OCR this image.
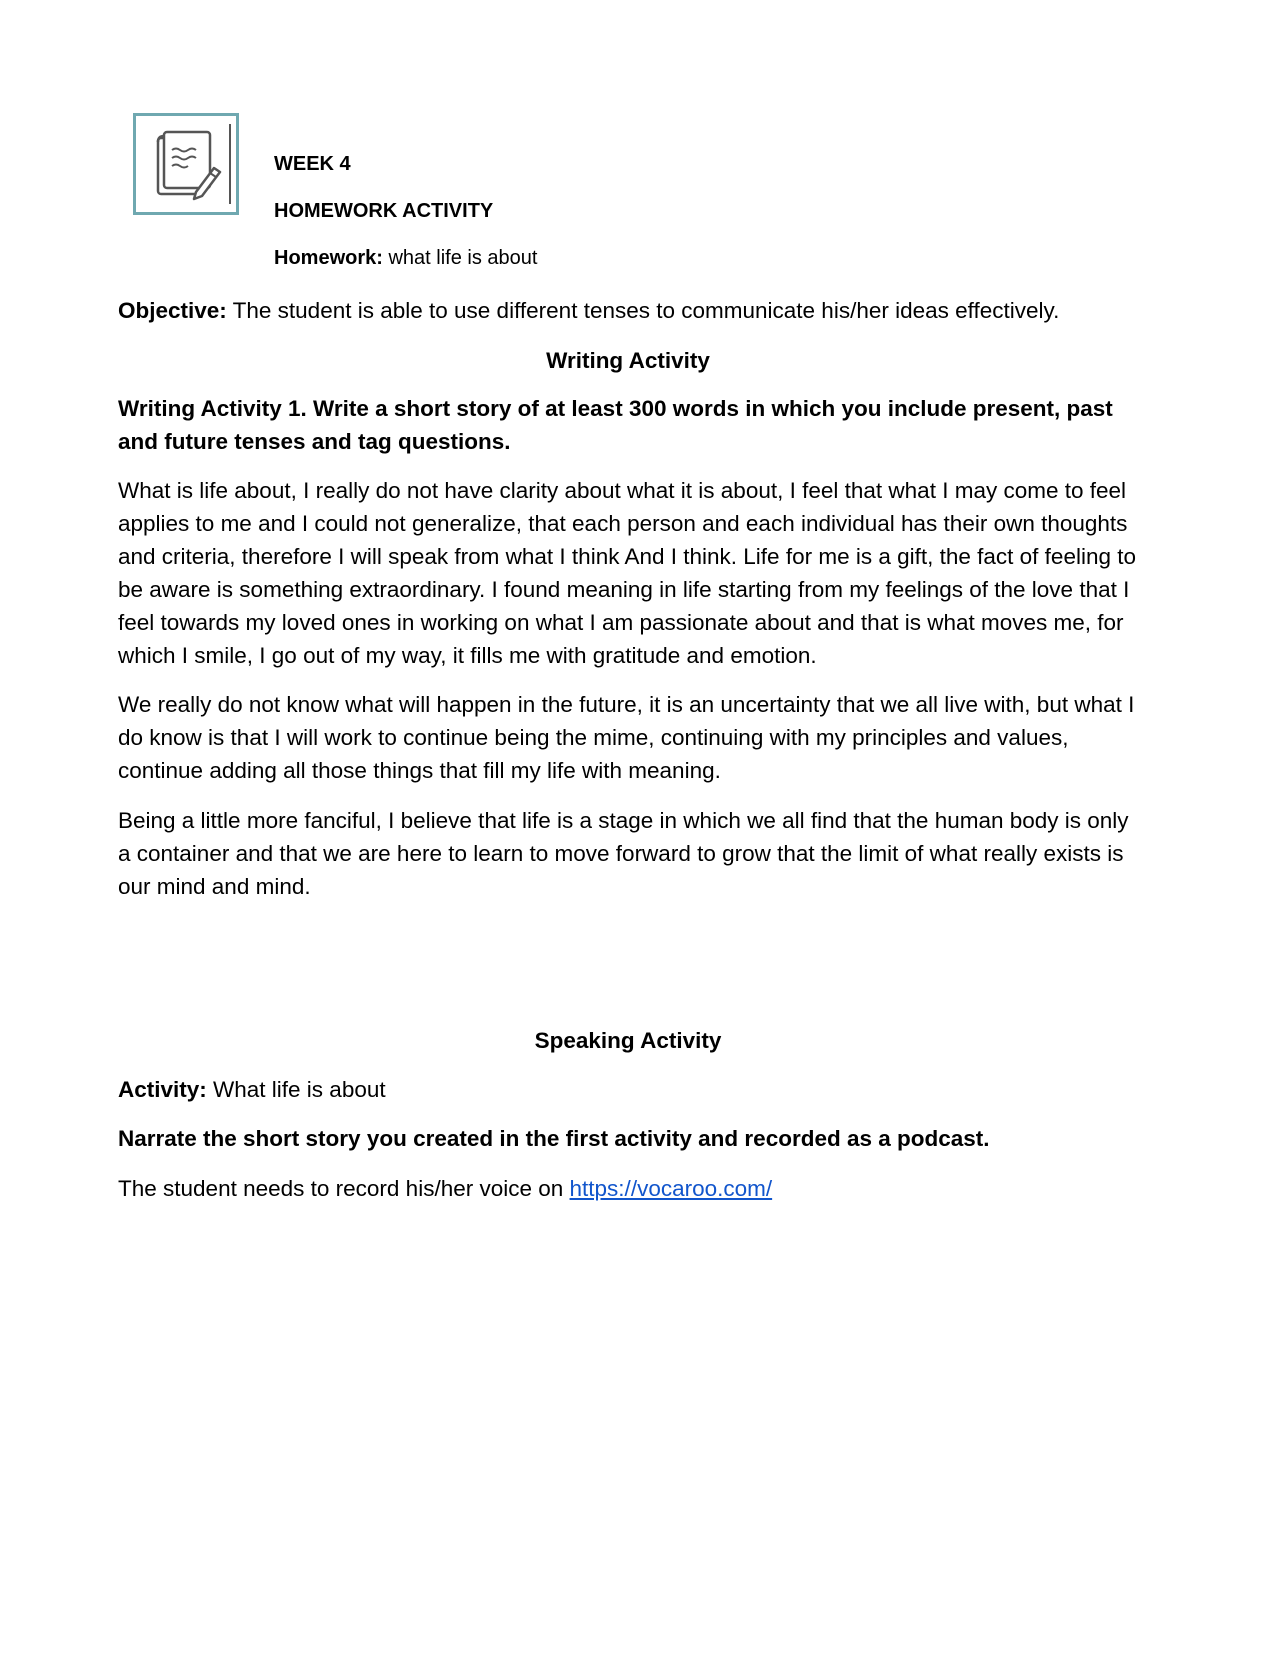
WEEK 4
HOMEWORK ACTIVITY
Homework: what life is about

Objective: The student is able to use different tenses to communicate his/her ideas effectively.

Writing Activity
Writing Activity 1. Write a short story of at least 300 words in which you include present, past and future tenses and tag questions.
What is life about, I really do not have clarity about what it is about, I feel that what I may come to feel applies to me and I could not generalize, that each person and each individual has their own thoughts and criteria, therefore I will speak from what I think And I think. Life for me is a gift, the fact of feeling to be aware is something extraordinary. I found meaning in life starting from my feelings of the love that I feel towards my loved ones in working on what I am passionate about and that is what moves me, for which I smile, I go out of my way, it fills me with gratitude and emotion.
We really do not know what will happen in the future, it is an uncertainty that we all live with, but what I do know is that I will work to continue being the mime, continuing with my principles and values, continue adding all those things that fill my life with meaning.
Being a little more fanciful, I believe that life is a stage in which we all find that the human body is only a container and that we are here to learn to move forward to grow that the limit of what really exists is our mind and mind.
Speaking Activity
Activity: What life is about
Narrate the short story you created in the first activity and recorded as a podcast.
The student needs to record his/her voice on https://vocaroo.com/
